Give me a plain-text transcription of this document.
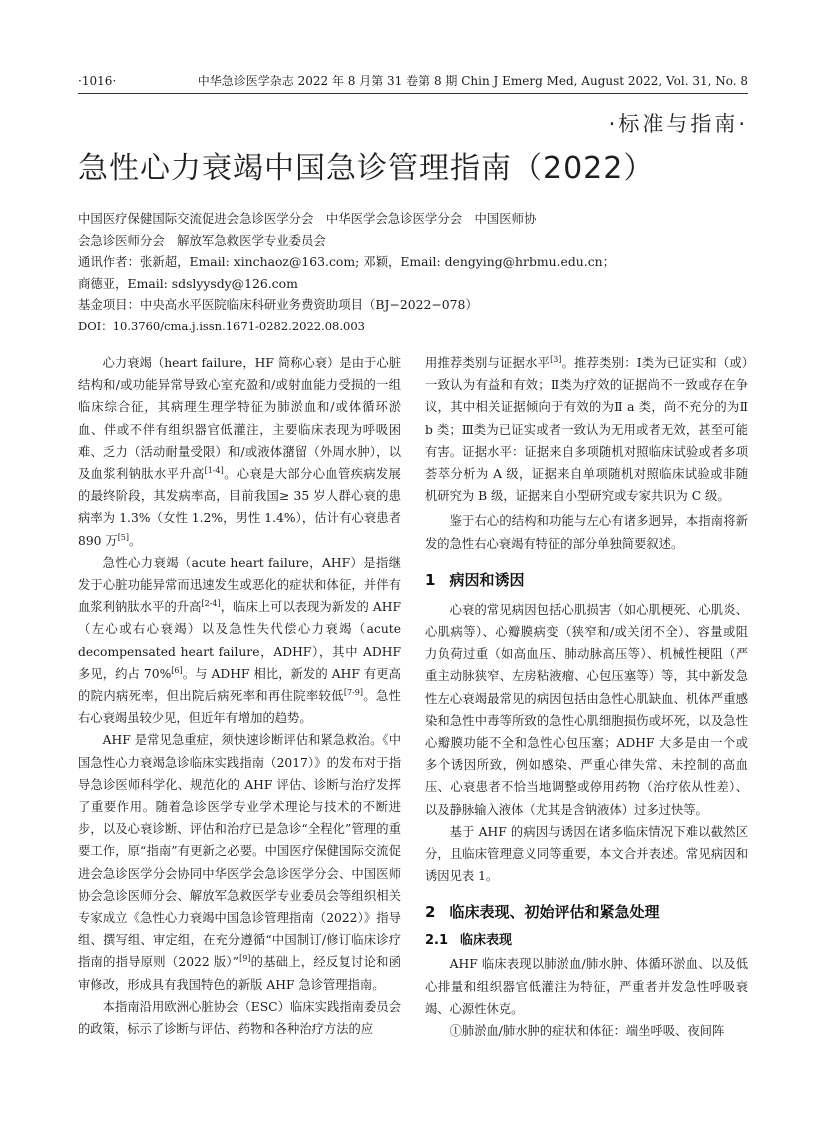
·1016·	中华急诊医学杂志 2022 年 8 月第 31 卷第 8 期 Chin J Emerg Med, August 2022, Vol. 31, No. 8
·标准与指南·
急性心力衰竭中国急诊管理指南（2022）

中国医疗保健国际交流促进会急诊医学分会　中华医学会急诊医学分会　中国医师协

会急诊医师分会　解放军急救医学专业委员会

通讯作者：张新超，Email: xinchaoz@163.com; 邓颖，Email: dengying@hrbmu.edu.cn；

商德亚，Email: sdslyysdy@126.com

基金项目：中央高水平医院临床科研业务费资助项目（BJ−2022−078）

DOI：10.3760/cma.j.issn.1671-0282.2022.08.003

心力衰竭（heart failure，HF 简称心衰）是由于心脏结构和/或功能异常导致心室充盈和/或射血能力受损的一组临床综合征，其病理生理学特征为肺淤血和/或体循环淤血、伴或不伴有组织器官低灌注，主要临床表现为呼吸困难、乏力（活动耐量受限）和/或液体潴留（外周水肿），以及血浆利钠肽水平升高[1-4]。心衰是大部分心血管疾病发展的最终阶段，其发病率高，目前我国≥ 35 岁人群心衰的患病率为 1.3%（女性 1.2%，男性 1.4%），估计有心衰患者 890 万[5]。

急性心力衰竭（acute heart failure，AHF）是指继发于心脏功能异常而迅速发生或恶化的症状和体征，并伴有血浆利钠肽水平的升高[2-4]，临床上可以表现为新发的 AHF（左心或右心衰竭）以及急性失代偿心力衰竭（acute decompensated heart failure，ADHF），其中 ADHF 多见，约占 70%[6]。与 ADHF 相比，新发的 AHF 有更高的院内病死率，但出院后病死率和再住院率较低[7-9]。急性右心衰竭虽较少见，但近年有增加的趋势。

AHF 是常见急重症，须快速诊断评估和紧急救治。《中国急性心力衰竭急诊临床实践指南（2017）》的发布对于指导急诊医师科学化、规范化的 AHF 评估、诊断与治疗发挥了重要作用。随着急诊医学专业学术理论与技术的不断进步，以及心衰诊断、评估和治疗已是急诊“全程化”管理的重要工作，原“指南”有更新之必要。中国医疗保健国际交流促进会急诊医学分会协同中华医学会急诊医学分会、中国医师协会急诊医师分会、解放军急救医学专业委员会等组织相关专家成立《急性心力衰竭中国急诊管理指南（2022）》指导组、撰写组、审定组，在充分遵循“中国制订/修订临床诊疗指南的指导原则（2022 版）”[9]的基础上，经反复讨论和函审修改，形成具有我国特色的新版 AHF 急诊管理指南。

本指南沿用欧洲心脏协会（ESC）临床实践指南委员会的政策，标示了诊断与评估、药物和各种治疗方法的应

用推荐类别与证据水平[3]。推荐类别：Ⅰ类为已证实和（或）一致认为有益和有效；Ⅱ类为疗效的证据尚不一致或存在争议，其中相关证据倾向于有效的为Ⅱ a 类，尚不充分的为Ⅱ b 类；Ⅲ类为已证实或者一致认为无用或者无效，甚至可能有害。证据水平：证据来自多项随机对照临床试验或者多项荟萃分析为 A 级，证据来自单项随机对照临床试验或非随机研究为 B 级，证据来自小型研究或专家共识为 C 级。

鉴于右心的结构和功能与左心有诸多迥异，本指南将新发的急性右心衰竭有特征的部分单独简要叙述。

1 病因和诱因

心衰的常见病因包括心肌损害（如心肌梗死、心肌炎、心肌病等）、心瓣膜病变（狭窄和/或关闭不全）、容量或阻力负荷过重（如高血压、肺动脉高压等）、机械性梗阻（严重主动脉狭窄、左房粘液瘤、心包压塞等）等，其中新发急性左心衰竭最常见的病因包括由急性心肌缺血、机体严重感染和急性中毒等所致的急性心肌细胞损伤或坏死，以及急性心瓣膜功能不全和急性心包压塞；ADHF 大多是由一个或多个诱因所致，例如感染、严重心律失常、未控制的高血压、心衰患者不恰当地调整或停用药物（治疗依从性差）、以及静脉输入液体（尤其是含钠液体）过多过快等。

基于 AHF 的病因与诱因在诸多临床情况下难以截然区分，且临床管理意义同等重要，本文合并表述。常见病因和诱因见表 1。

2 临床表现、初始评估和紧急处理
2.1 临床表现

AHF 临床表现以肺淤血/肺水肿、体循环淤血、以及低心排量和组织器官低灌注为特征，严重者并发急性呼吸衰竭、心源性休克。

①肺淤血/肺水肿的症状和体征：端坐呼吸、夜间阵
